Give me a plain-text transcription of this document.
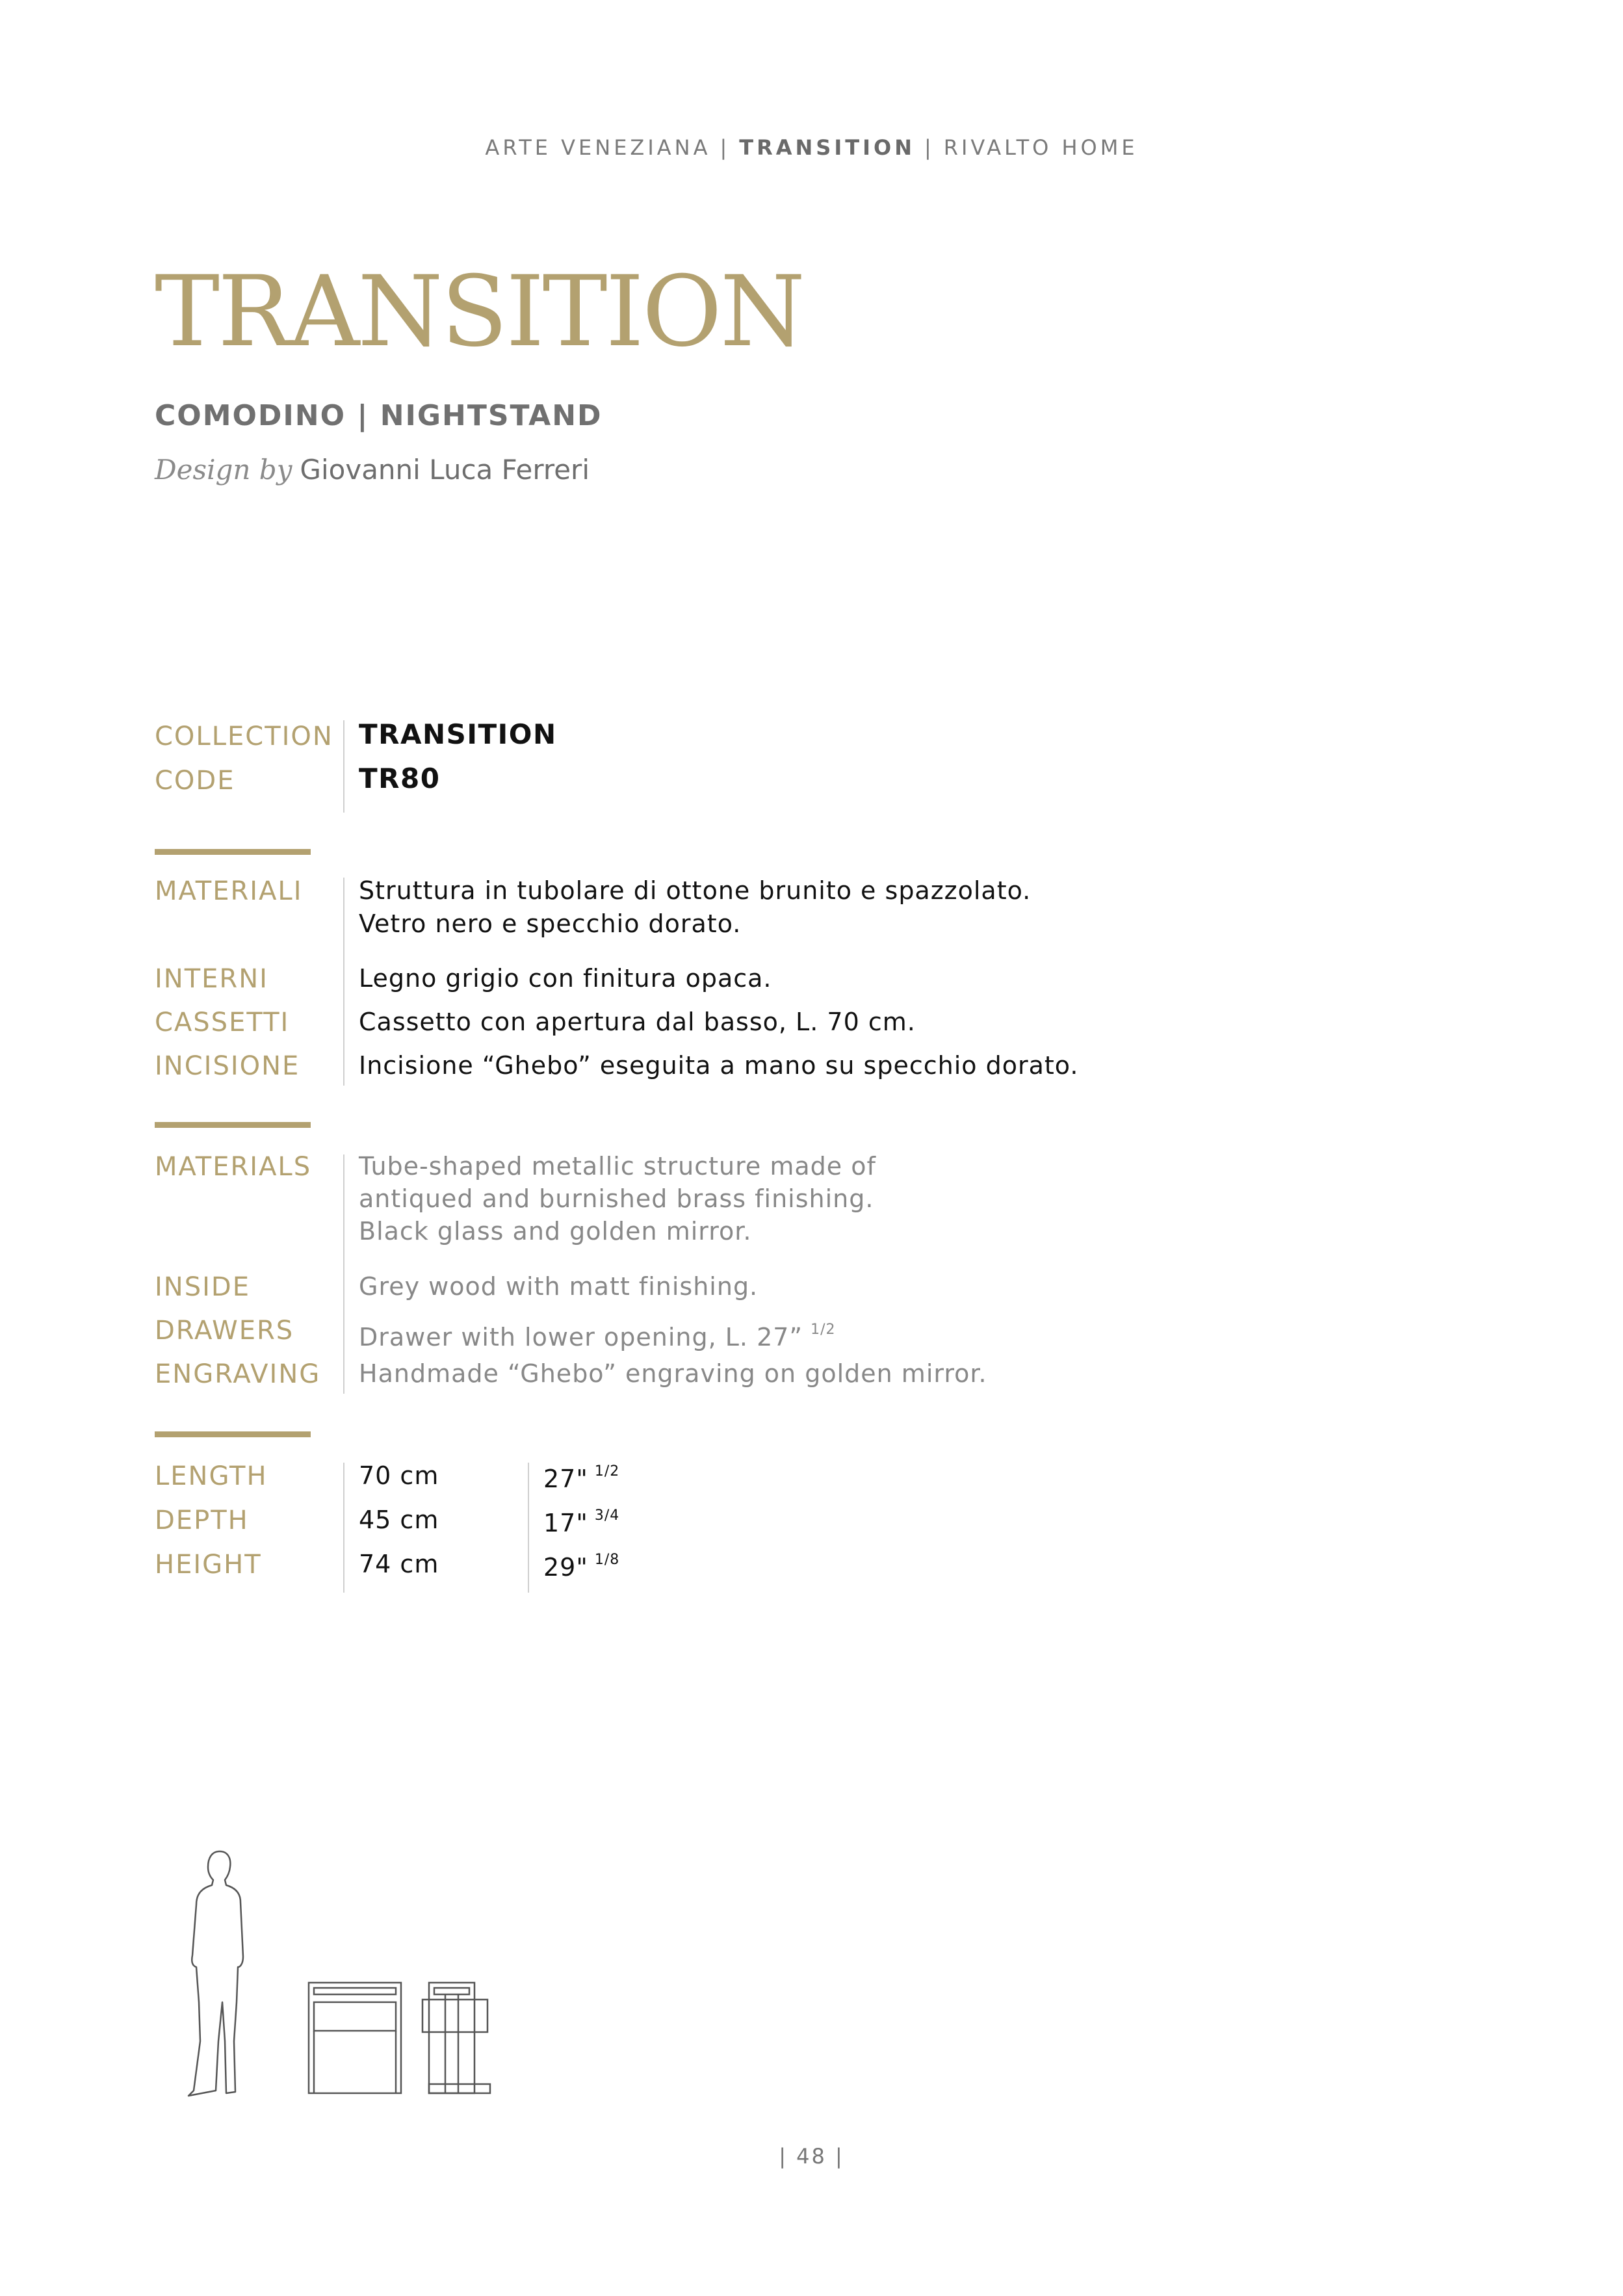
ARTE VENEZIANA | TRANSITION | RIVALTO HOME
TRANSITION
COMODINO | NIGHTSTAND
Design by Giovanni Luca Ferreri
COLLECTION
CODE
TRANSITION
TR80
MATERIALI
INTERNI
CASSETTI
INCISIONE
Struttura in tubolare di ottone brunito e spazzolato.
Vetro nero e specchio dorato.
Legno grigio con finitura opaca.
Cassetto con apertura dal basso, L. 70 cm.
Incisione “Ghebo” eseguita a mano su specchio dorato.
MATERIALS
INSIDE
DRAWERS
ENGRAVING
Tube-shaped metallic structure made of
antiqued and burnished brass finishing.
Black glass and golden mirror.
Grey wood with matt finishing.
Drawer with lower opening, L. 27” $^{1/2}$
Handmade “Ghebo” engraving on golden mirror.
LENGTH
DEPTH
HEIGHT
70 cm
45 cm
74 cm
27" $^{1/2}$
17" $^{3/4}$
29" $^{1/8}$
| 48 |
